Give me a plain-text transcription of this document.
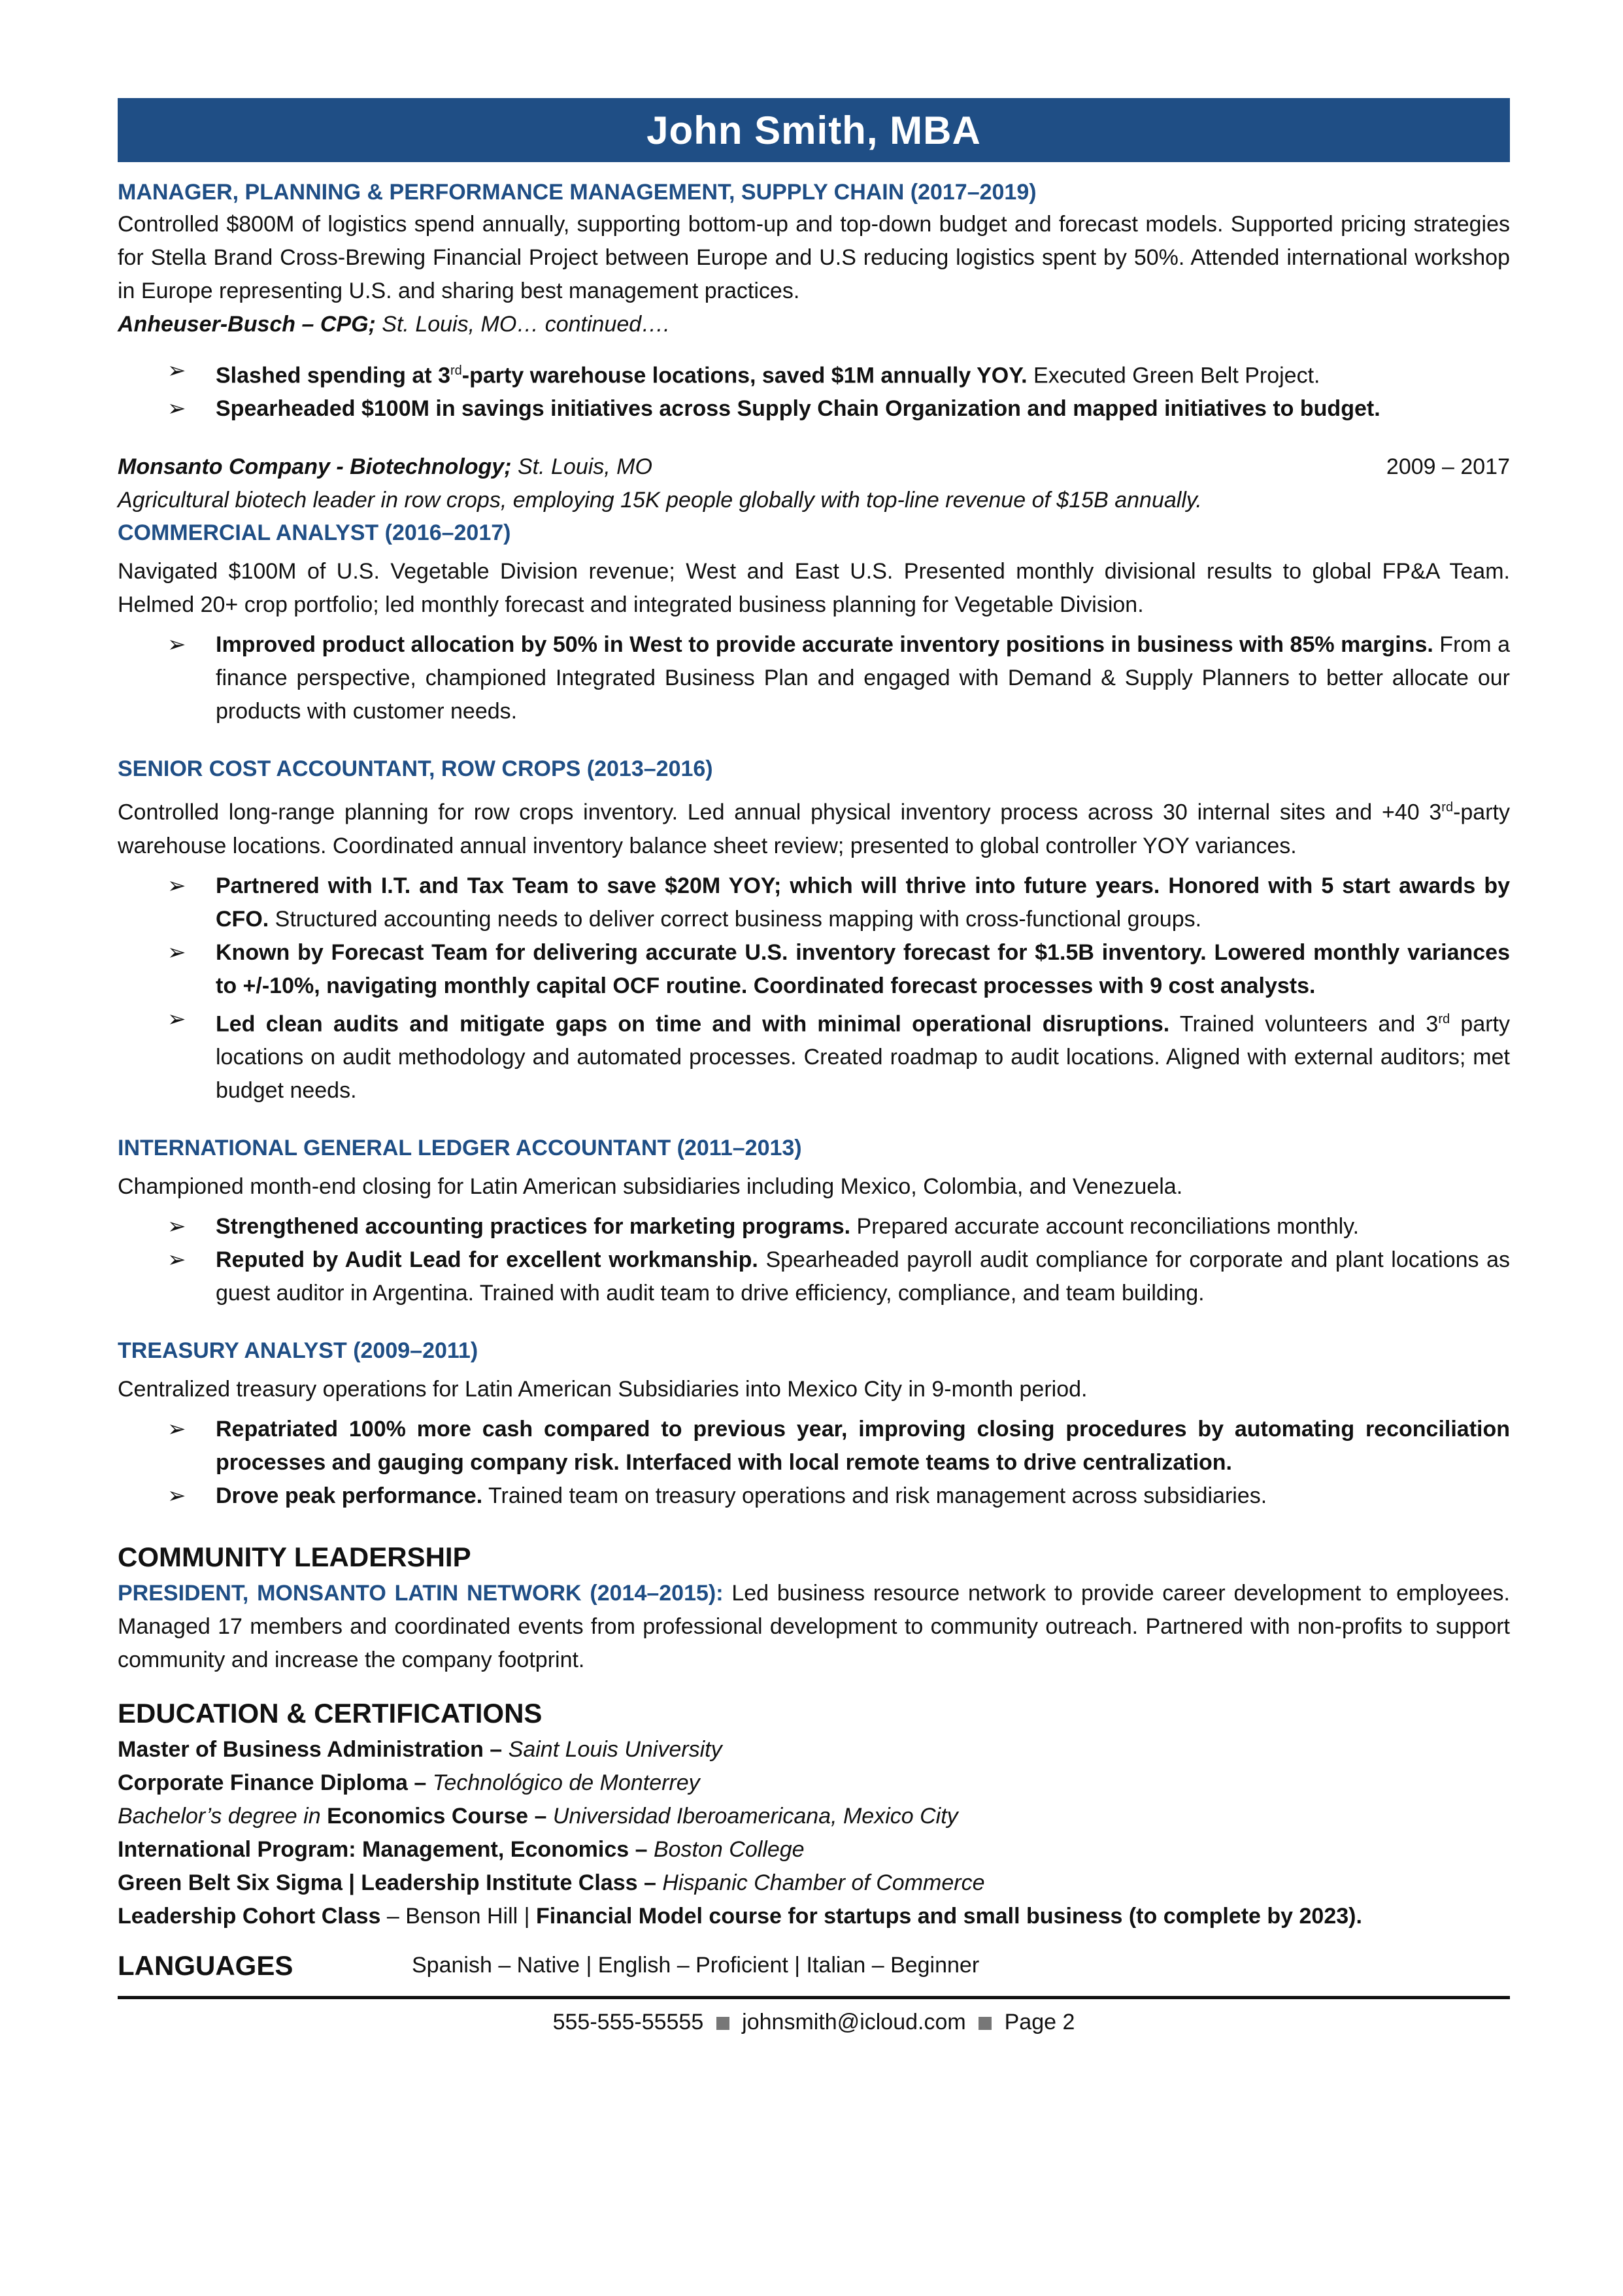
John Smith, MBA

MANAGER, PLANNING & PERFORMANCE MANAGEMENT, SUPPLY CHAIN (2017–2019)

Controlled $800M of logistics spend annually, supporting bottom-up and top-down budget and forecast models. Supported pricing strategies for Stella Brand Cross-Brewing Financial Project between Europe and U.S reducing logistics spent by 50%. Attended international workshop in Europe representing U.S. and sharing best management practices.

Anheuser-Busch – CPG; St. Louis, MO… continued….

➢ Slashed spending at 3rd-party warehouse locations, saved $1M annually YOY. Executed Green Belt Project.
➢ Spearheaded $100M in savings initiatives across Supply Chain Organization and mapped initiatives to budget.
Monsanto Company - Biotechnology; St. Louis, MO	2009 – 2017

Agricultural biotech leader in row crops, employing 15K people globally with top-line revenue of $15B annually.

COMMERCIAL ANALYST (2016–2017)

Navigated $100M of U.S. Vegetable Division revenue; West and East U.S. Presented monthly divisional results to global FP&A Team. Helmed 20+ crop portfolio; led monthly forecast and integrated business planning for Vegetable Division.

➢ Improved product allocation by 50% in West to provide accurate inventory positions in business with 85% margins. From a finance perspective, championed Integrated Business Plan and engaged with Demand & Supply Planners to better allocate our products with customer needs.

SENIOR COST ACCOUNTANT, ROW CROPS (2013–2016)

Controlled long-range planning for row crops inventory. Led annual physical inventory process across 30 internal sites and +40 3rd-party warehouse locations. Coordinated annual inventory balance sheet review; presented to global controller YOY variances.

➢ Partnered with I.T. and Tax Team to save $20M YOY; which will thrive into future years. Honored with 5 start awards by CFO. Structured accounting needs to deliver correct business mapping with cross-functional groups.
➢ Known by Forecast Team for delivering accurate U.S. inventory forecast for $1.5B inventory. Lowered monthly variances to +/-10%, navigating monthly capital OCF routine. Coordinated forecast processes with 9 cost analysts.
➢ Led clean audits and mitigate gaps on time and with minimal operational disruptions. Trained volunteers and 3rd party locations on audit methodology and automated processes. Created roadmap to audit locations. Aligned with external auditors; met budget needs.

INTERNATIONAL GENERAL LEDGER ACCOUNTANT (2011–2013)

Championed month-end closing for Latin American subsidiaries including Mexico, Colombia, and Venezuela.

➢ Strengthened accounting practices for marketing programs. Prepared accurate account reconciliations monthly.
➢ Reputed by Audit Lead for excellent workmanship. Spearheaded payroll audit compliance for corporate and plant locations as guest auditor in Argentina. Trained with audit team to drive efficiency, compliance, and team building.

TREASURY ANALYST (2009–2011)

Centralized treasury operations for Latin American Subsidiaries into Mexico City in 9-month period.

➢ Repatriated 100% more cash compared to previous year, improving closing procedures by automating reconciliation processes and gauging company risk. Interfaced with local remote teams to drive centralization.
➢ Drove peak performance. Trained team on treasury operations and risk management across subsidiaries.

COMMUNITY LEADERSHIP

PRESIDENT, MONSANTO LATIN NETWORK (2014–2015): Led business resource network to provide career development to employees. Managed 17 members and coordinated events from professional development to community outreach. Partnered with non-profits to support community and increase the company footprint.

EDUCATION & CERTIFICATIONS

Master of Business Administration – Saint Louis University

Corporate Finance Diploma – Technológico de Monterrey

Bachelor’s degree in Economics Course – Universidad Iberoamericana, Mexico City

International Program: Management, Economics – Boston College

Green Belt Six Sigma | Leadership Institute Class – Hispanic Chamber of Commerce

Leadership Cohort Class – Benson Hill | Financial Model course for startups and small business (to complete by 2023).

LANGUAGES	Spanish – Native | English – Proficient | Italian – Beginner
555-555-55555 johnsmith@icloud.com Page 2
